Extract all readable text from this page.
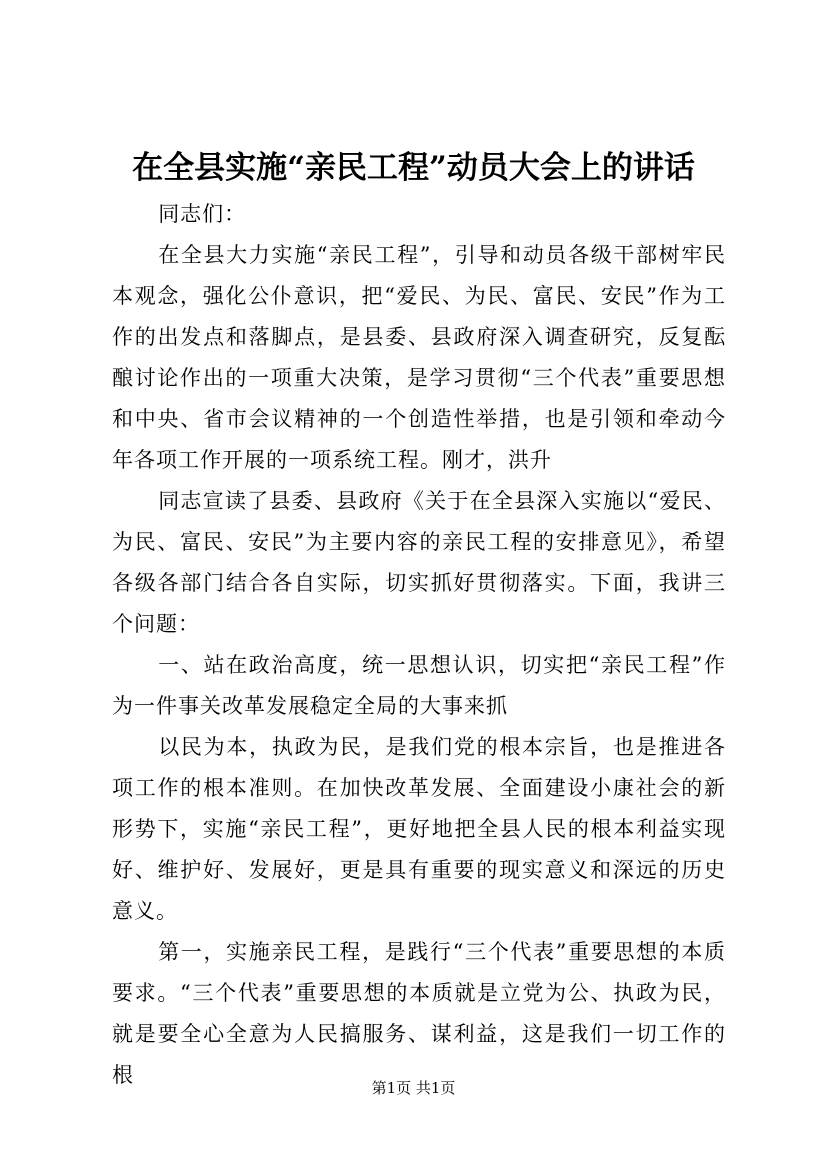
在全县实施“亲民工程”动员大会上的讲话

同志们：

在全县大力实施“亲民工程”，引导和动员各级干部树牢民本观念，强化公仆意识，把“爱民、为民、富民、安民”作为工作的出发点和落脚点，是县委、县政府深入调查研究，反复酝酿讨论作出的一项重大决策，是学习贯彻“三个代表”重要思想和中央、省市会议精神的一个创造性举措，也是引领和牵动今年各项工作开展的一项系统工程。刚才，洪升

同志宣读了县委、县政府《关于在全县深入实施以“爱民、为民、富民、安民”为主要内容的亲民工程的安排意见》，希望各级各部门结合各自实际，切实抓好贯彻落实。下面，我讲三个问题：

一、站在政治高度，统一思想认识，切实把“亲民工程”作为一件事关改革发展稳定全局的大事来抓

以民为本，执政为民，是我们党的根本宗旨，也是推进各项工作的根本准则。在加快改革发展、全面建设小康社会的新形势下，实施“亲民工程”，更好地把全县人民的根本利益实现好、维护好、发展好，更是具有重要的现实意义和深远的历史意义。

第一，实施亲民工程，是践行“三个代表”重要思想的本质要求。“三个代表”重要思想的本质就是立党为公、执政为民，就是要全心全意为人民搞服务、谋利益，这是我们一切工作的根

第1页 共1页
